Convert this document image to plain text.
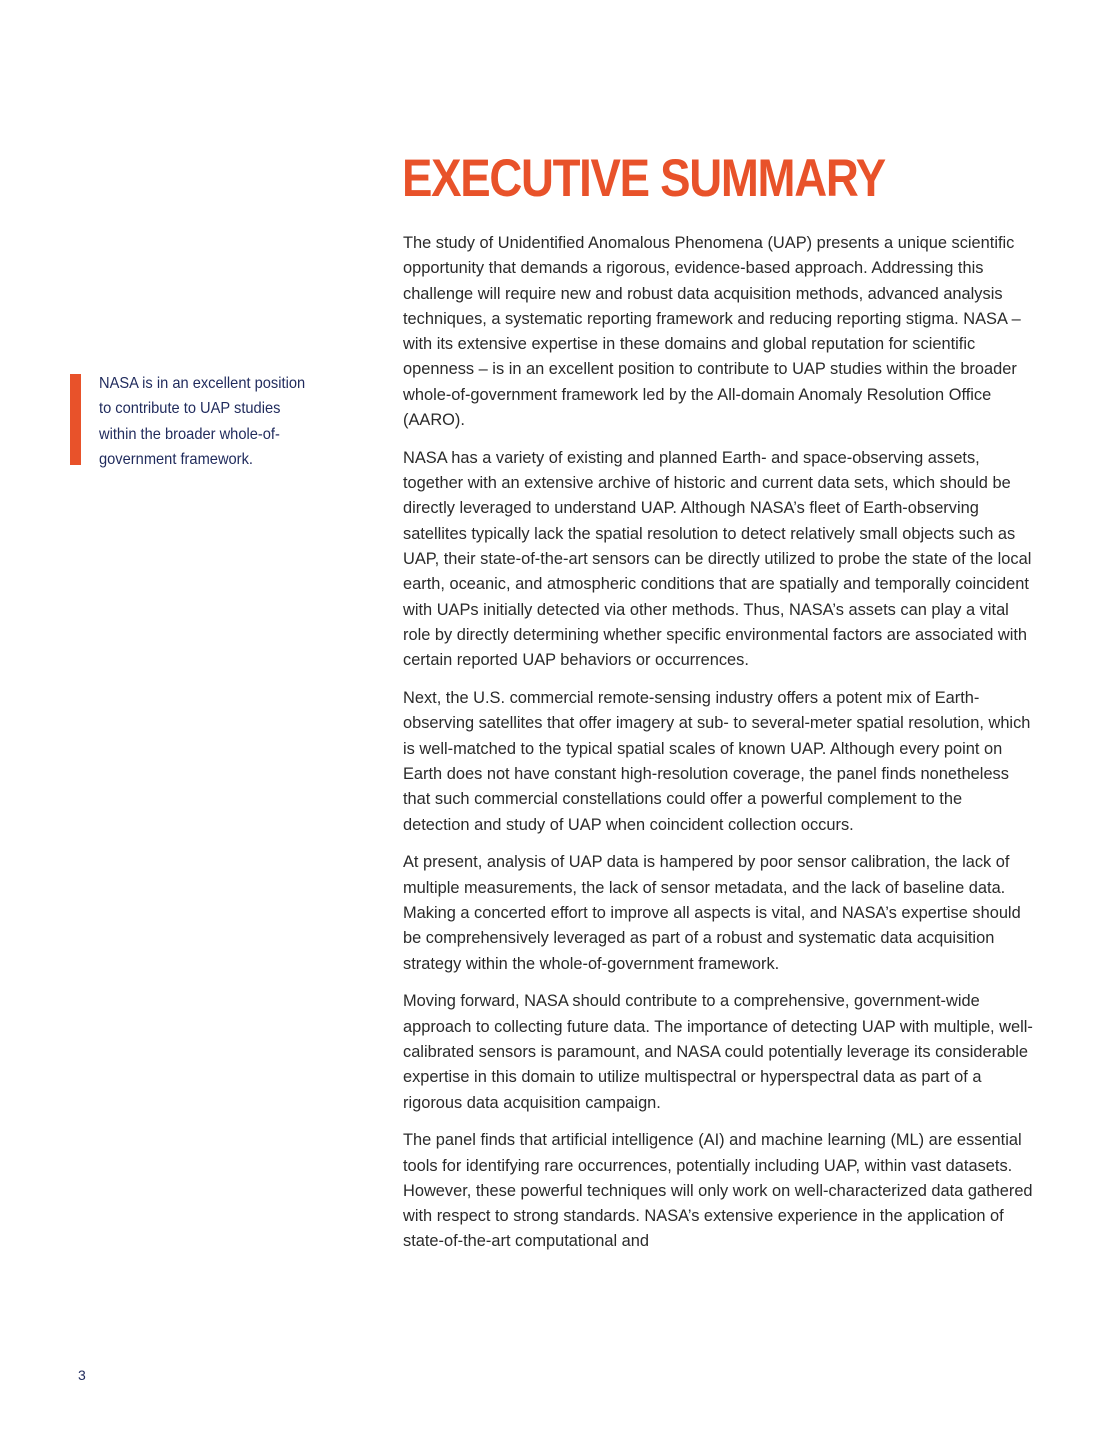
EXECUTIVE SUMMARY

NASA is in an excellent position to contribute to UAP studies within the broader whole-of-government framework.

The study of Unidentified Anomalous Phenomena (UAP) presents a unique scientific opportunity that demands a rigorous, evidence-based approach. Addressing this challenge will require new and robust data acquisition methods, advanced analysis techniques, a systematic reporting framework and reducing reporting stigma. NASA – with its extensive expertise in these domains and global reputation for scientific openness – is in an excellent position to contribute to UAP studies within the broader whole-of-government framework led by the All-domain Anomaly Resolution Office (AARO).

NASA has a variety of existing and planned Earth- and space-observing assets, together with an extensive archive of historic and current data sets, which should be directly leveraged to understand UAP. Although NASA’s fleet of Earth-observing satellites typically lack the spatial resolution to detect relatively small objects such as UAP, their state-of-the-art sensors can be directly utilized to probe the state of the local earth, oceanic, and atmospheric conditions that are spatially and temporally coincident with UAPs initially detected via other methods. Thus, NASA’s assets can play a vital role by directly determining whether specific environmental factors are associated with certain reported UAP behaviors or occurrences.

Next, the U.S. commercial remote-sensing industry offers a potent mix of Earth-observing satellites that offer imagery at sub- to several-meter spatial resolution, which is well-matched to the typical spatial scales of known UAP. Although every point on Earth does not have constant high-resolution coverage, the panel finds nonetheless that such commercial constellations could offer a powerful complement to the detection and study of UAP when coincident collection occurs.

At present, analysis of UAP data is hampered by poor sensor calibration, the lack of multiple measurements, the lack of sensor metadata, and the lack of baseline data. Making a concerted effort to improve all aspects is vital, and NASA’s expertise should be comprehensively leveraged as part of a robust and systematic data acquisition strategy within the whole-of-government framework.

Moving forward, NASA should contribute to a comprehensive, government-wide approach to collecting future data. The importance of detecting UAP with multiple, well-calibrated sensors is paramount, and NASA could potentially leverage its considerable expertise in this domain to utilize multispectral or hyperspectral data as part of a rigorous data acquisition campaign.

The panel finds that artificial intelligence (AI) and machine learning (ML) are essential tools for identifying rare occurrences, potentially including UAP, within vast datasets. However, these powerful techniques will only work on well-characterized data gathered with respect to strong standards. NASA’s extensive experience in the application of state-of-the-art computational and

3
